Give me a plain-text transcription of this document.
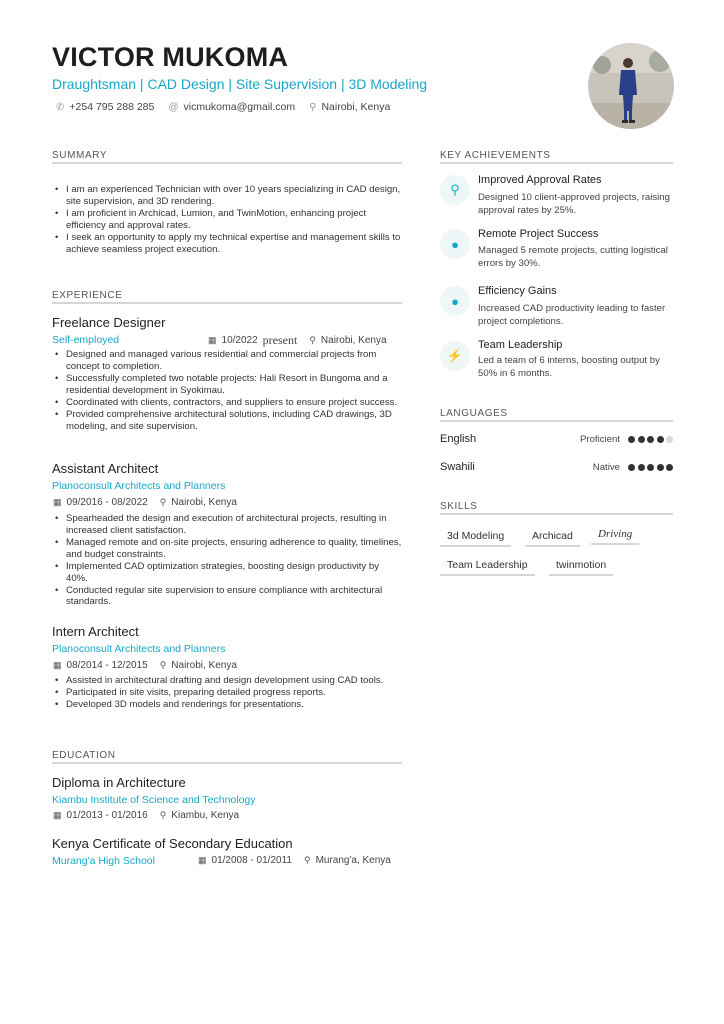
VICTOR MUKOMA
Draughtsman | CAD Design | Site Supervision | 3D Modeling
✆ +254 795 288 285 @ vicmukoma@gmail.com ⚲ Nairobi, Kenya
SUMMARY
• I am an experienced Technician with over 10 years specializing in CAD design, site supervision, and 3D rendering.
• I am proficient in Archicad, Lumion, and TwinMotion, enhancing project efficiency and approval rates.
• I seek an opportunity to apply my technical expertise and management skills to achieve seamless project execution.
EXPERIENCE
Freelance Designer
Self-employed	▦ 10/2022 present ⚲ Nairobi, Kenya
• Designed and managed various residential and commercial projects from concept to completion.
• Successfully completed two notable projects: Hali Resort in Bungoma and a residential development in Syokimau.
• Coordinated with clients, contractors, and suppliers to ensure project success.
• Provided comprehensive architectural solutions, including CAD drawings, 3D modeling, and site supervision.
Assistant Architect
Planoconsult Architects and Planners
▦ 09/2016 - 08/2022 ⚲ Nairobi, Kenya
• Spearheaded the design and execution of architectural projects, resulting in increased client satisfaction.
• Managed remote and on-site projects, ensuring adherence to quality, timelines, and budget constraints.
• Implemented CAD optimization strategies, boosting design productivity by 40%.
• Conducted regular site supervision to ensure compliance with architectural standards.
Intern Architect
Planoconsult Architects and Planners
▦ 08/2014 - 12/2015 ⚲ Nairobi, Kenya
• Assisted in architectural drafting and design development using CAD tools.
• Participated in site visits, preparing detailed progress reports.
• Developed 3D models and renderings for presentations.
EDUCATION
Diploma in Architecture
Kiambu Institute of Science and Technology
▦ 01/2013 - 01/2016 ⚲ Kiambu, Kenya
Kenya Certificate of Secondary Education
Murang'a High School	▦ 01/2008 - 01/2011 ⚲ Murang'a, Kenya
KEY ACHIEVEMENTS
⚲
Improved Approval Rates
Designed 10 client-approved projects, raising approval rates by 25%.
●
Remote Project Success
Managed 5 remote projects, cutting logistical errors by 30%.
●
Efficiency Gains
Increased CAD productivity leading to faster project completions.
⚡
Team Leadership
Led a team of 6 interns, boosting output by 50% in 6 months.
LANGUAGES
English	Proficient
Swahili	Native
SKILLS
3d Modeling	Archicad	Driving
Team Leadership	twinmotion
